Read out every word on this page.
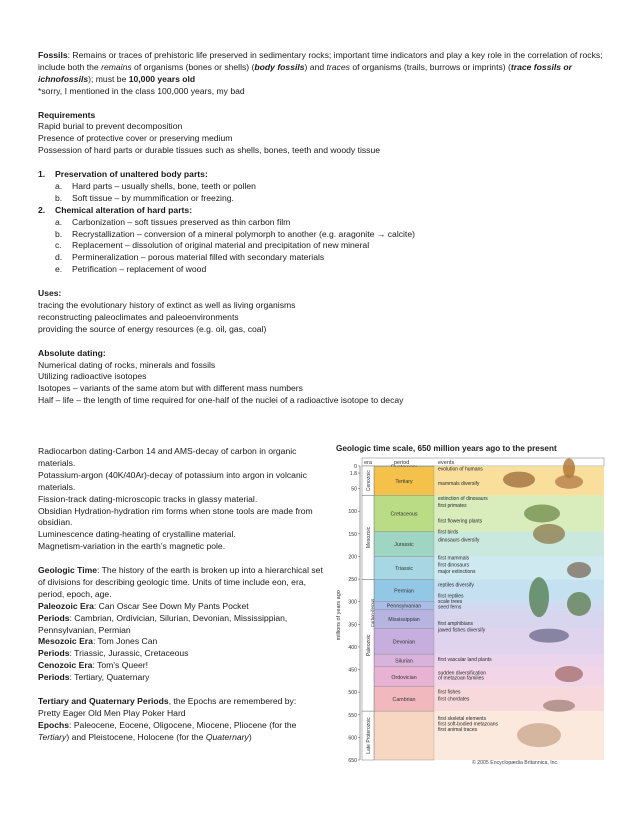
Fossils: Remains or traces of prehistoric life preserved in sedimentary rocks; important time indicators and play a key role in the correlation of rocks; include both the remains of organisms (bones or shells) (body fossils) and traces of organisms (trails, burrows or imprints) (trace fossils or ichnofossils); must be 10,000 years old

*sorry, I mentioned in the class 100,000 years, my bad

Requirements

Rapid burial to prevent decomposition

Presence of protective cover or preserving medium

Possession of hard parts or durable tissues such as shells, bones, teeth and woody tissue

1. Preservation of unaltered body parts:
a. Hard parts – usually shells, bone, teeth or pollen
b. Soft tissue – by mummification or freezing.
2. Chemical alteration of hard parts:
a. Carbonization – soft tissues preserved as thin carbon film
b. Recrystallization – conversion of a mineral polymorph to another (e.g. aragonite → calcite)
c. Replacement – dissolution of original material and precipitation of new mineral
d. Permineralization – porous material filled with secondary materials
e. Petrification – replacement of wood

Uses:

tracing the evolutionary history of extinct as well as living organisms

reconstructing paleoclimates and paleoenvironments

providing the source of energy resources (e.g. oil, gas, coal)

Absolute dating:

Numerical dating of rocks, minerals and fossils

Utilizing radioactive isotopes

Isotopes – variants of the same atom but with different mass numbers

Half – life – the length of time required for one-half of the nuclei of a radioactive isotope to decay

Radiocarbon dating-Carbon 14 and AMS-decay of carbon in organic materials.

Potassium-argon (40K/40Ar)-decay of potassium into argon in volcanic materials.

Fission-track dating-microscopic tracks in glassy material.

Obsidian Hydration-hydration rim forms when stone tools are made from obsidian.

Luminescence dating-heating of crystalline material.

Magnetism-variation in the earth’s magnetic pole.

Geologic Time: The history of the earth is broken up into a hierarchical set of divisions for describing geologic time. Units of time include eon, era, period, epoch, age.

Paleozoic Era: Can Oscar See Down My Pants Pocket

Periods: Cambrian, Ordivician, Silurian, Devonian, Mississippian, Pennsylvanian, Permian

Mesozoic Era: Tom Jones Can

Periods: Triassic, Jurassic, Cretaceous

Cenozoic Era: Tom’s Queer!

Periods: Tertiary, Quaternary

Tertiary and Quaternary Periods, the Epochs are remembered by:

Pretty Eager Old Men Play Poker Hard

Epochs: Paleocene, Eocene, Oligocene, Miocene, Pliocene (for the Tertiary) and Pleistocene, Holocene (for the Quaternary)

Geologic time scale, 650 million years ago to the present
era	period	events
Tertiary
Cretaceous
Jurassic
Triassic
Permian
Pennsylvanian
Mississippian
Devonian
Silurian
Ordovician
Cambrian
Cenozoic
Mesozoic
Paleozoic
Late Proterozoic
Carbon-iferous
0
1.8
50
100
150
200
250
300
350
400
450
500
550
600
650
millions of years ago
evolution of humans
mammals diversify
extinction of dinosaurs
first primates
first flowering plants
first birds
dinosaurs diversify
first mammals
first dinosaurs
major extinctions
reptiles diversify
first reptiles
scale trees
seed ferns
first amphibians
jawed fishes diversify
first vascular land plants
sudden diversification
of metazoan families
first fishes
first chordates
first skeletal elements
first soft-bodied metazoans
first animal traces
© 2005 Encyclopædia Britannica, Inc.
